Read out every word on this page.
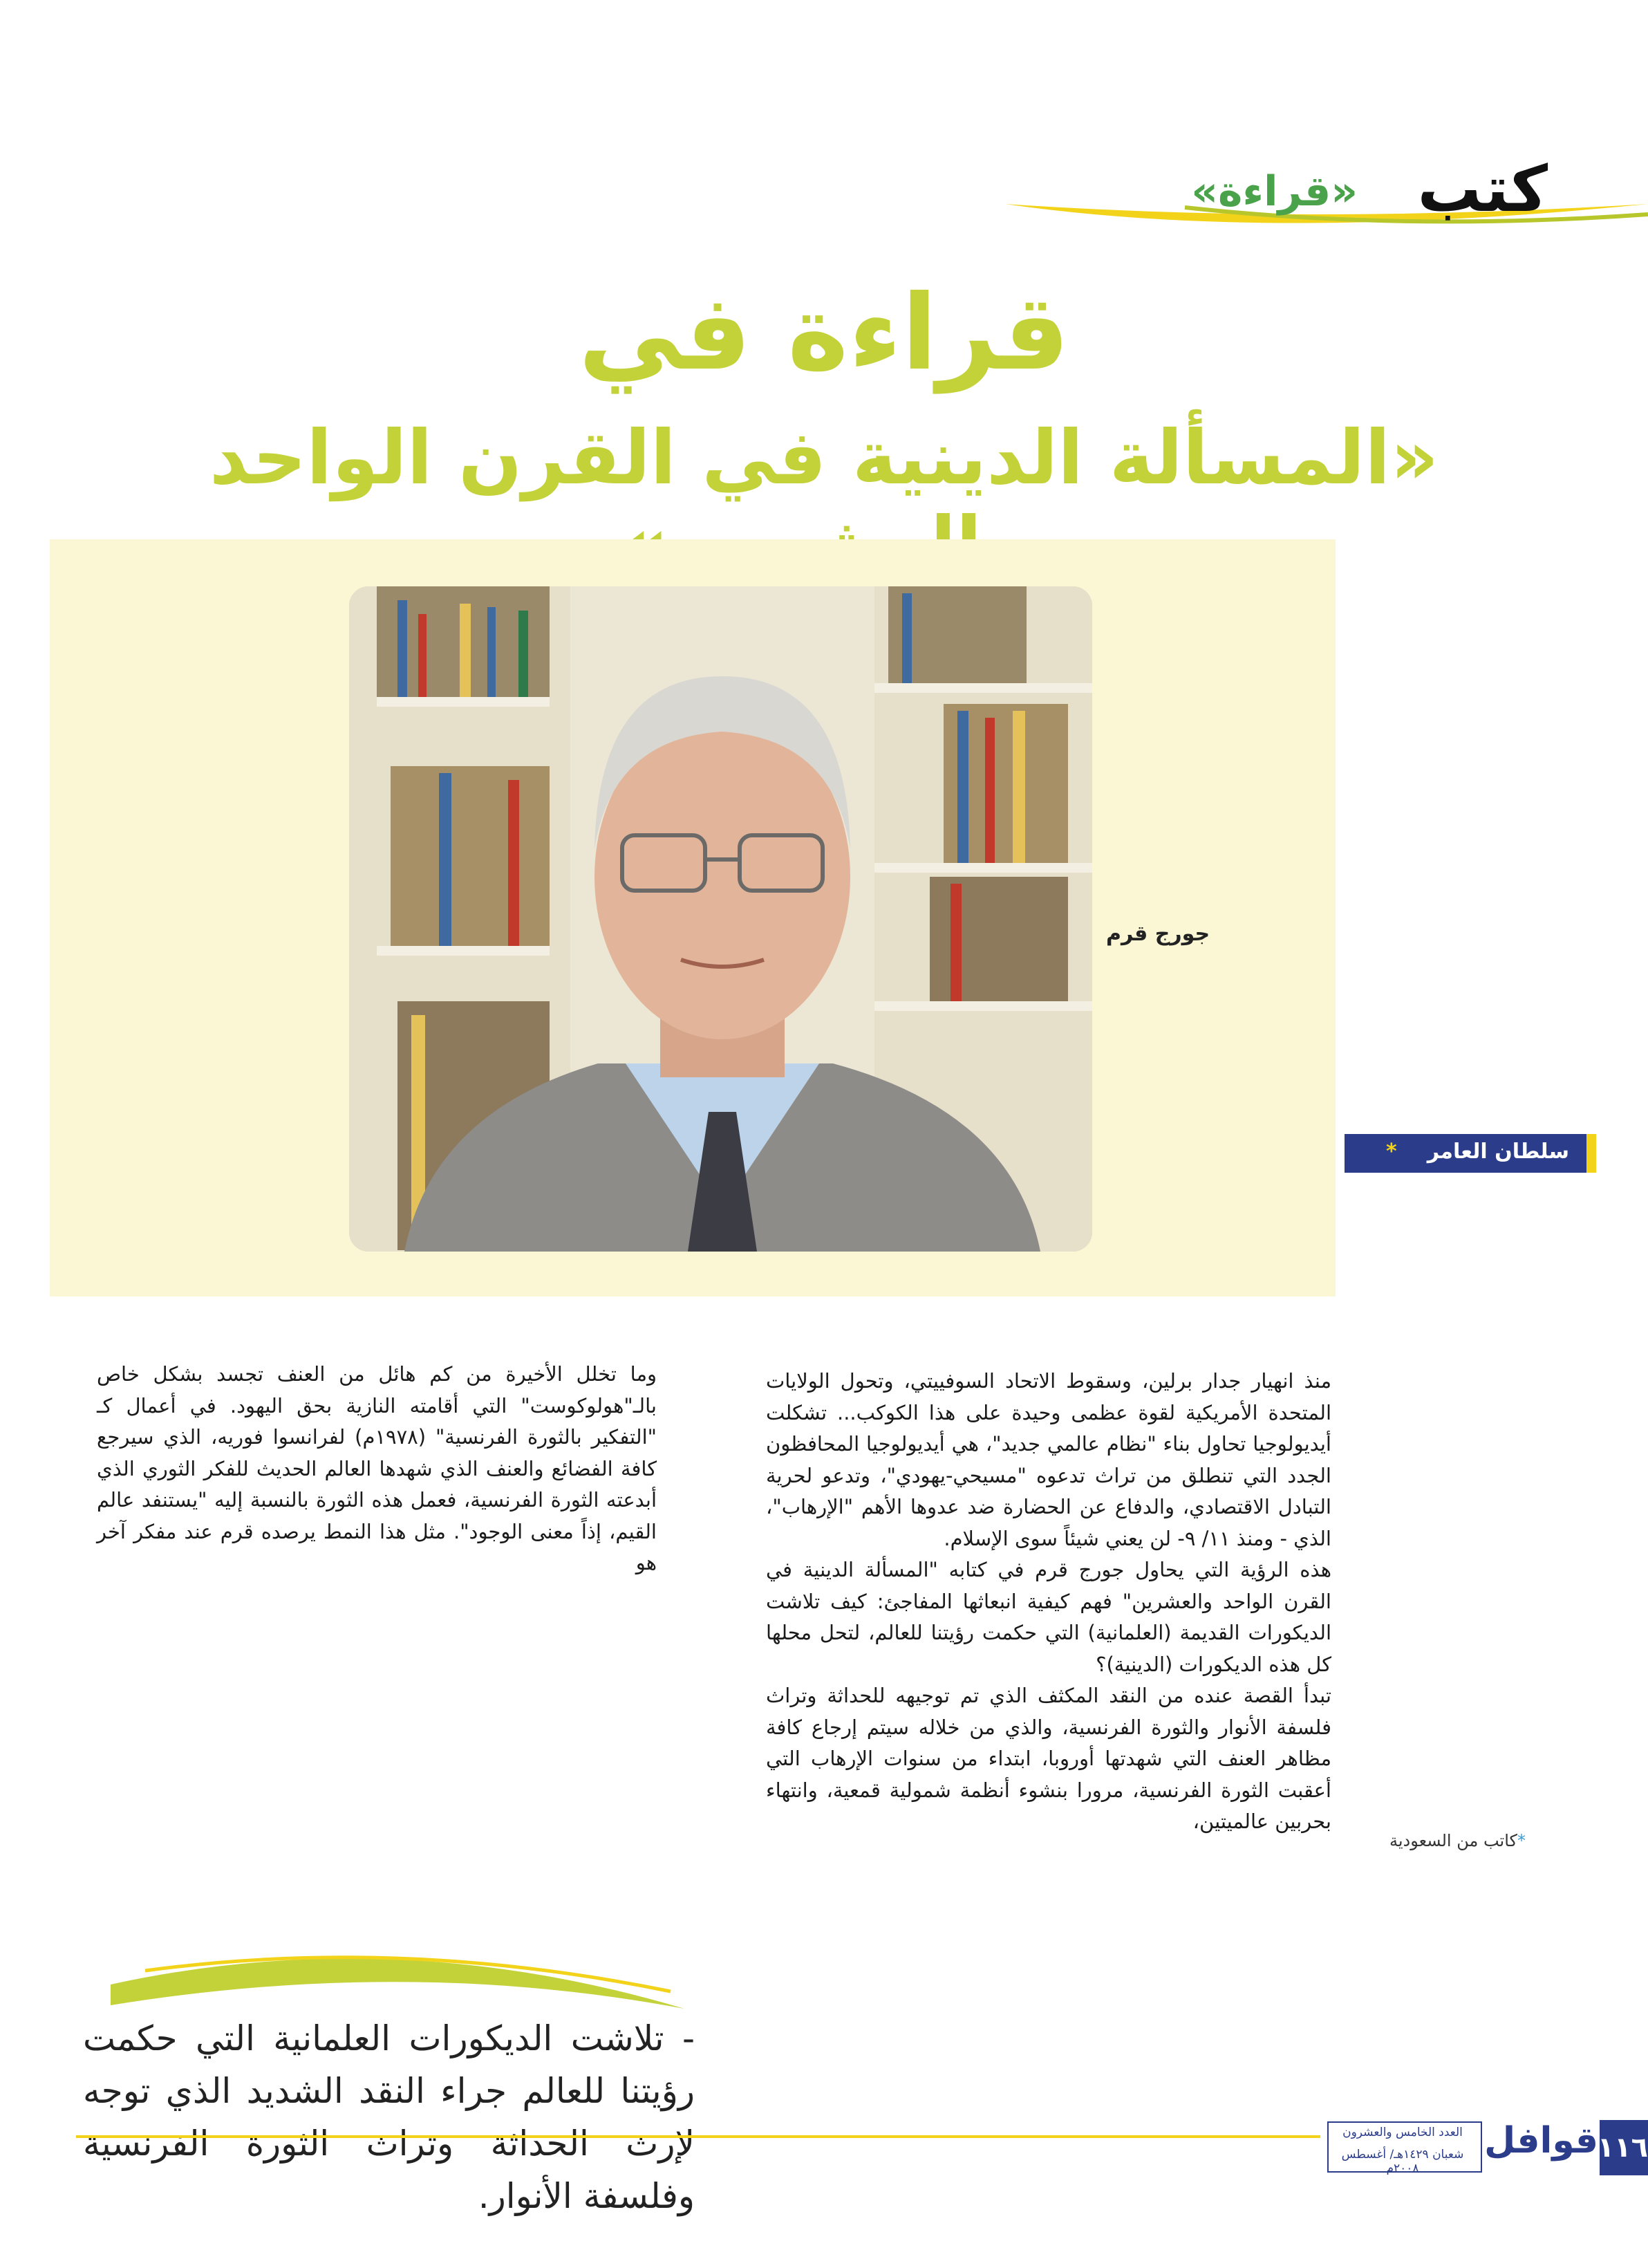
كتب
«قراءة»
قراءة في
«المسألة الدينية في القرن الواحد
جورج قرم
سلطان العامر
*

منذ انهيار جدار برلين، وسقوط الاتحاد السوفييتي، وتحول الولايات المتحدة الأمريكية لقوة عظمى وحيدة على هذا الكوكب... تشكلت أيديولوجيا تحاول بناء "نظام عالمي جديد"، هي أيديولوجيا المحافظون الجدد التي تنطلق من تراث تدعوه "مسيحي-يهودي"، وتدعو لحرية التبادل الاقتصادي، والدفاع عن الحضارة ضد عدوها الأهم "الإرهاب"، الذي - ومنذ ١١/ ٩- لن يعني شيئاً سوى الإسلام.

هذه الرؤية التي يحاول جورج قرم في كتابه "المسألة الدينية في القرن الواحد والعشرين" فهم كيفية انبعاثها المفاجئ: كيف تلاشت الديكورات القديمة (العلمانية) التي حكمت رؤيتنا للعالم، لتحل محلها كل هذه الديكورات (الدينية)؟

تبدأ القصة عنده من النقد المكثف الذي تم توجيهه للحداثة وتراث فلسفة الأنوار والثورة الفرنسية، والذي من خلاله سيتم إرجاع كافة مظاهر العنف التي شهدتها أوروبا، ابتداء من سنوات الإرهاب التي أعقبت الثورة الفرنسية، مرورا بنشوء أنظمة شمولية قمعية، وانتهاء بحربين عالميتين،

وما تخلل الأخيرة من كم هائل من العنف تجسد بشكل خاص بالـ"هولوكوست" التي أقامته النازية بحق اليهود. في أعمال كـ "التفكير بالثورة الفرنسية" (١٩٧٨م) لفرانسوا فوريه، الذي سيرجع كافة الفضائع والعنف الذي شهدها العالم الحديث للفكر الثوري الذي أبدعته الثورة الفرنسية، فعمل هذه الثورة بالنسبة إليه "يستنفد عالم القيم، إذاً معنى الوجود". مثل هذا النمط يرصده قرم عند مفكر آخر هو

*كاتب من السعودية
- تلاشت الديكورات العلمانية التي حكمت رؤيتنا للعالم جراء النقد الشديد الذي توجه لإرث الحداثة وتراث الثورة الفرنسية وفلسفة الأنوار.
العدد الخامس والعشرون
شعبان ١٤٢٩هـ/ أغسطس ٢٠٠٨م
قوافل
١١٦
